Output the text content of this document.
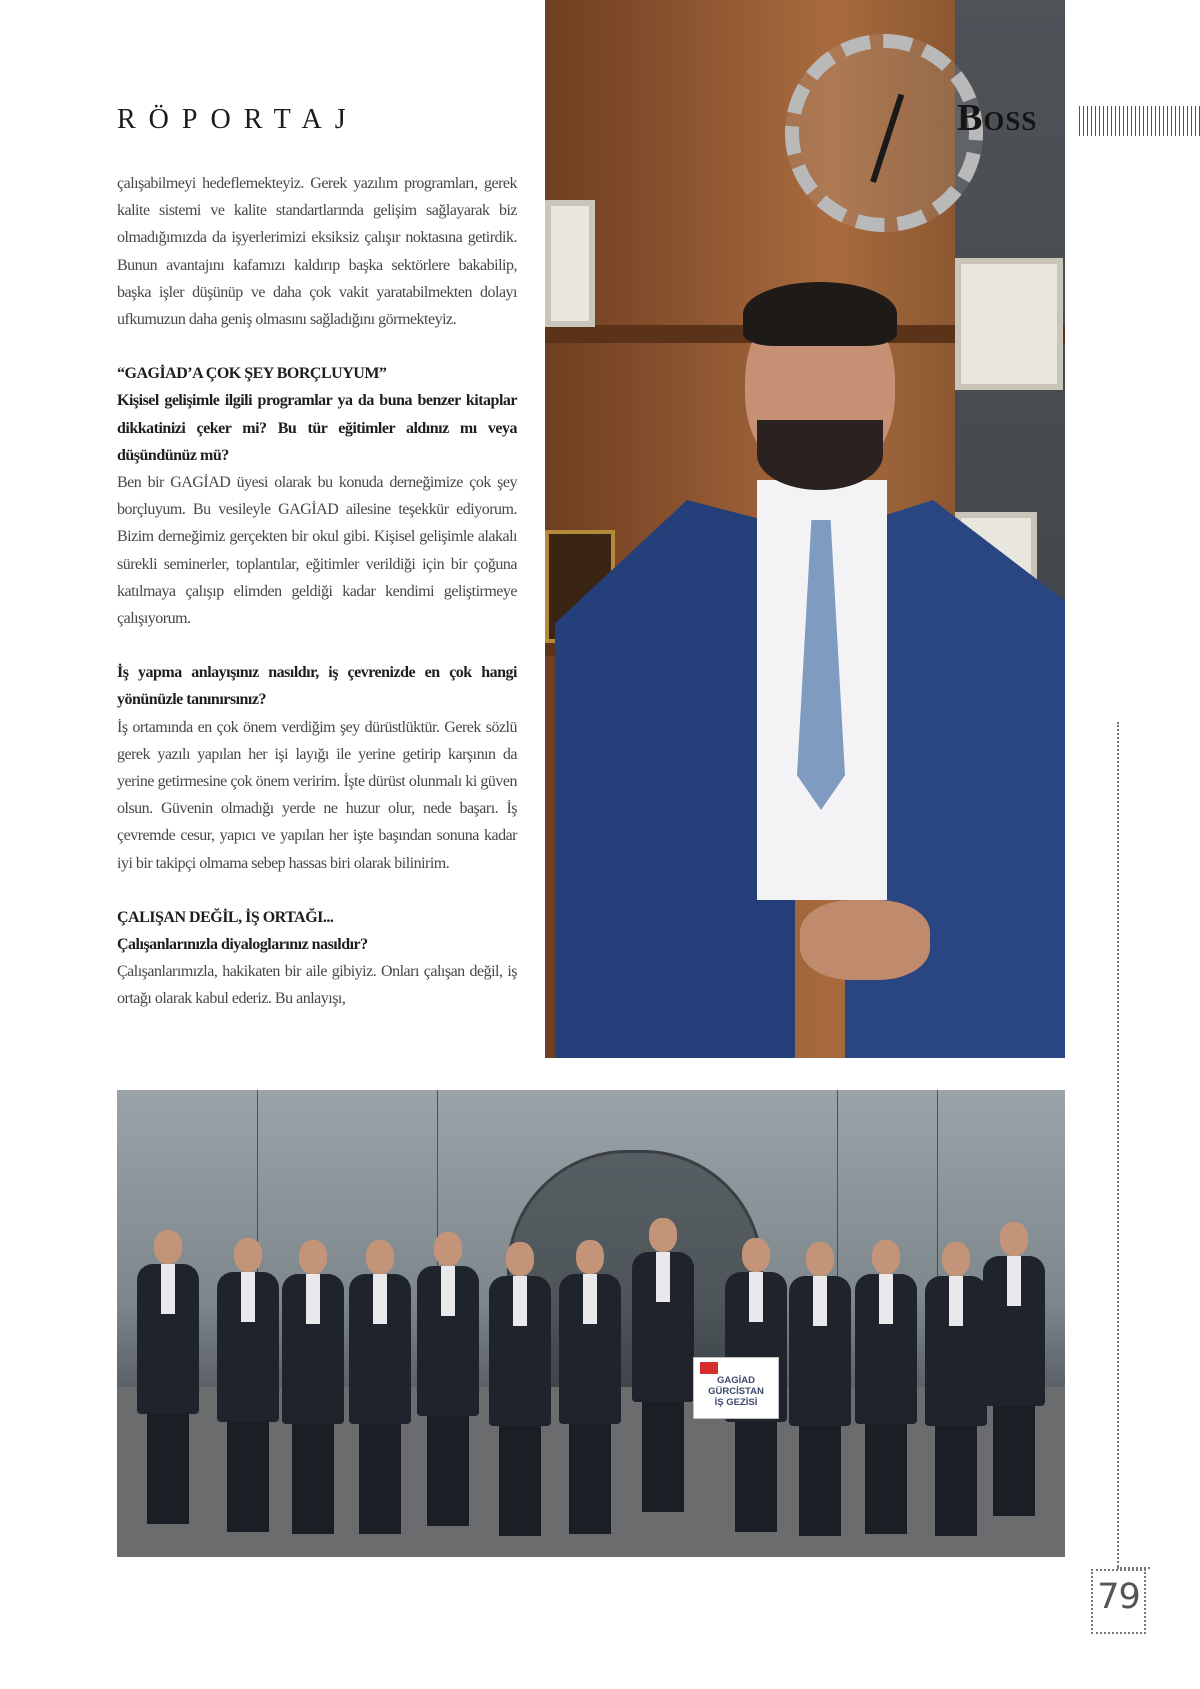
RÖPORTAJ

çalışabilmeyi hedeflemekteyiz. Gerek yazılım programları, gerek kalite sistemi ve kalite standartlarında gelişim sağlayarak biz olmadığımızda da işyerlerimizi eksiksiz çalışır noktasına getirdik. Bunun avantajını kafamızı kaldırıp başka sektörlere bakabilip, başka işler düşünüp ve daha çok vakit yaratabilmekten dolayı ufkumuzun daha geniş olmasını sağladığını görmekteyiz.

“GAGİAD’A ÇOK ŞEY BORÇLUYUM”

Kişisel gelişimle ilgili programlar ya da buna benzer kitaplar dikkatinizi çeker mi? Bu tür eğitimler aldınız mı veya düşündünüz mü?

Ben bir GAGİAD üyesi olarak bu konuda derneğimize çok şey borçluyum. Bu vesileyle GAGİAD ailesine teşekkür ediyorum. Bizim derneğimiz gerçekten bir okul gibi. Kişisel gelişimle alakalı sürekli seminerler, toplantılar, eğitimler verildiği için bir çoğuna katılmaya çalışıp elimden geldiği kadar kendimi geliştirmeye çalışıyorum.

İş yapma anlayışınız nasıldır, iş çevrenizde en çok hangi yönünüzle tanınırsınız?

İş ortamında en çok önem verdiğim şey dürüstlüktür. Gerek sözlü gerek yazılı yapılan her işi layığı ile yerine getirip karşının da yerine getirmesine çok önem veririm. İşte dürüst olunmalı ki güven olsun. Güvenin olmadığı yerde ne huzur olur, nede başarı. İş çevremde cesur, yapıcı ve yapılan her işte başından sonuna kadar iyi bir takipçi olmama sebep hassas biri olarak bilinirim.

ÇALIŞAN DEĞİL, İŞ ORTAĞI...

Çalışanlarınızla diyaloglarınız nasıldır?

Çalışanlarımızla, hakikaten bir aile gibiyiz. Onları çalışan değil, iş ortağı olarak kabul ederiz. Bu anlayışı,

Boss
GAGİAD
GÜRCİSTAN
İŞ GEZİSİ
79
